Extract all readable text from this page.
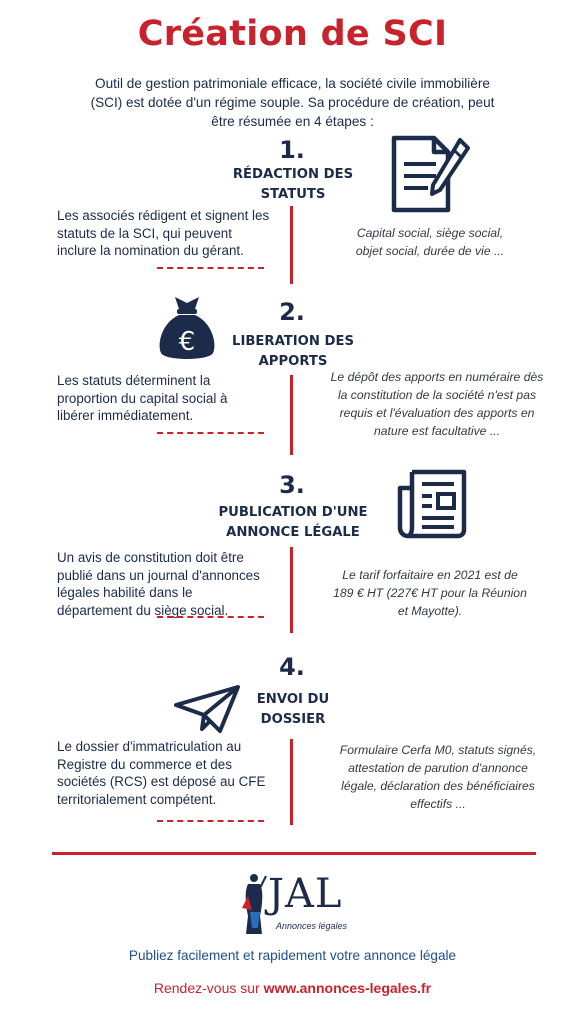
Création de SCI
Outil de gestion patrimoniale efficace, la société civile immobilière (SCI) est dotée d'un régime souple. Sa procédure de création, peut être résumée en 4 étapes :
1.
RÉDACTION DES
STATUTS
Les associés rédigent et signent les
statuts de la SCI, qui peuvent
inclure la nomination du gérant.
Capital social, siège social,
objet social, durée de vie ...
2.
LIBERATION DES
APPORTS
Les statuts déterminent la
proportion du capital social à
libérer immédiatement.
Le dépôt des apports en numéraire dès
la constitution de la société n'est pas
requis et l'évaluation des apports en
nature est facultative ...
€
3.
PUBLICATION D'UNE
ANNONCE LÉGALE
Un avis de constitution doit être
publié dans un journal d'annonces
légales habilité dans le
département du siège social.
Le tarif forfaitaire en 2021 est de
189 € HT (227€ HT pour la Réunion
et Mayotte).
4.
ENVOI DU
DOSSIER
Le dossier d'immatriculation au
Registre du commerce et des
sociétés (RCS) est déposé au CFE
territorialement compétent.
Formulaire Cerfa M0, statuts signés,
attestation de parution d'annonce
légale, déclaration des bénéficiaires
effectifs ...
JAL
Annonces légales
Publiez facilement et rapidement votre annonce légale
Rendez-vous sur www.annonces-legales.fr
